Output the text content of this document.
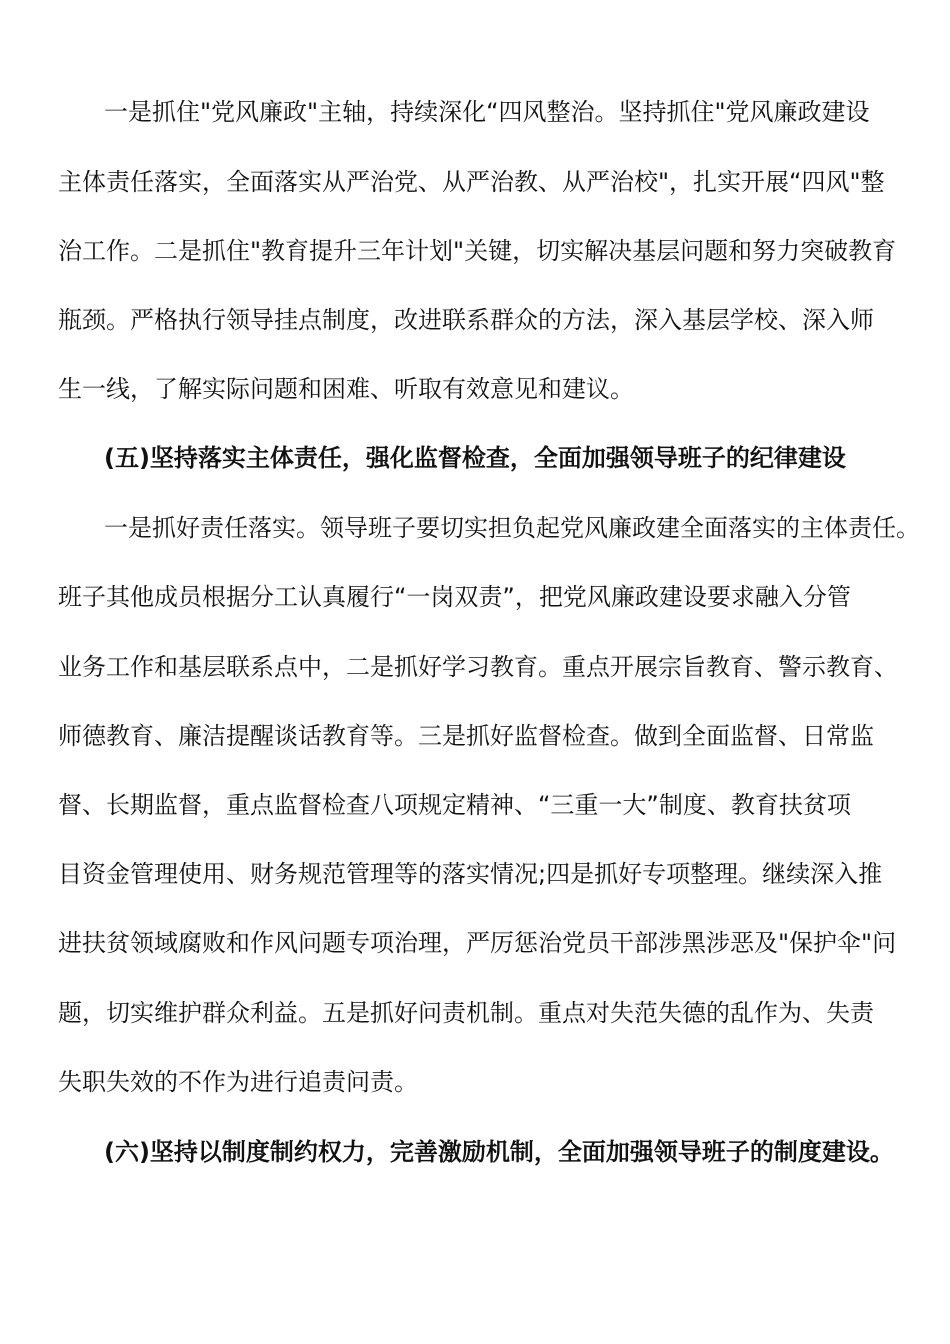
一是抓住"党风廉政"主轴，持续深化“四风整治。坚持抓住"党风廉政建设
主体责任落实，全面落实从严治党、从严治教、从严治校"，扎实开展“四风"整
治工作。二是抓住"教育提升三年计划"关键，切实解决基层问题和努力突破教育
瓶颈。严格执行领导挂点制度，改进联系群众的方法，深入基层学校、深入师
生一线，了解实际问题和困难、听取有效意见和建议。
(五)坚持落实主体责任，强化监督检查，全面加强领导班子的纪律建设
一是抓好责任落实。领导班子要切实担负起党风廉政建全面落实的主体责任。
班子其他成员根据分工认真履行“一岗双责”，把党风廉政建设要求融入分管
业务工作和基层联系点中，二是抓好学习教育。重点开展宗旨教育、警示教育、
师德教育、廉洁提醒谈话教育等。三是抓好监督检查。做到全面监督、日常监
督、长期监督，重点监督检查八项规定精神、“三重一大”制度、教育扶贫项
目资金管理使用、财务规范管理等的落实情况;四是抓好专项整理。继续深入推
进扶贫领域腐败和作风问题专项治理，严厉惩治党员干部涉黑涉恶及"保护伞"问
题，切实维护群众利益。五是抓好问责机制。重点对失范失德的乱作为、失责
失职失效的不作为进行追责问责。
(六)坚持以制度制约权力，完善激励机制，全面加强领导班子的制度建设。
